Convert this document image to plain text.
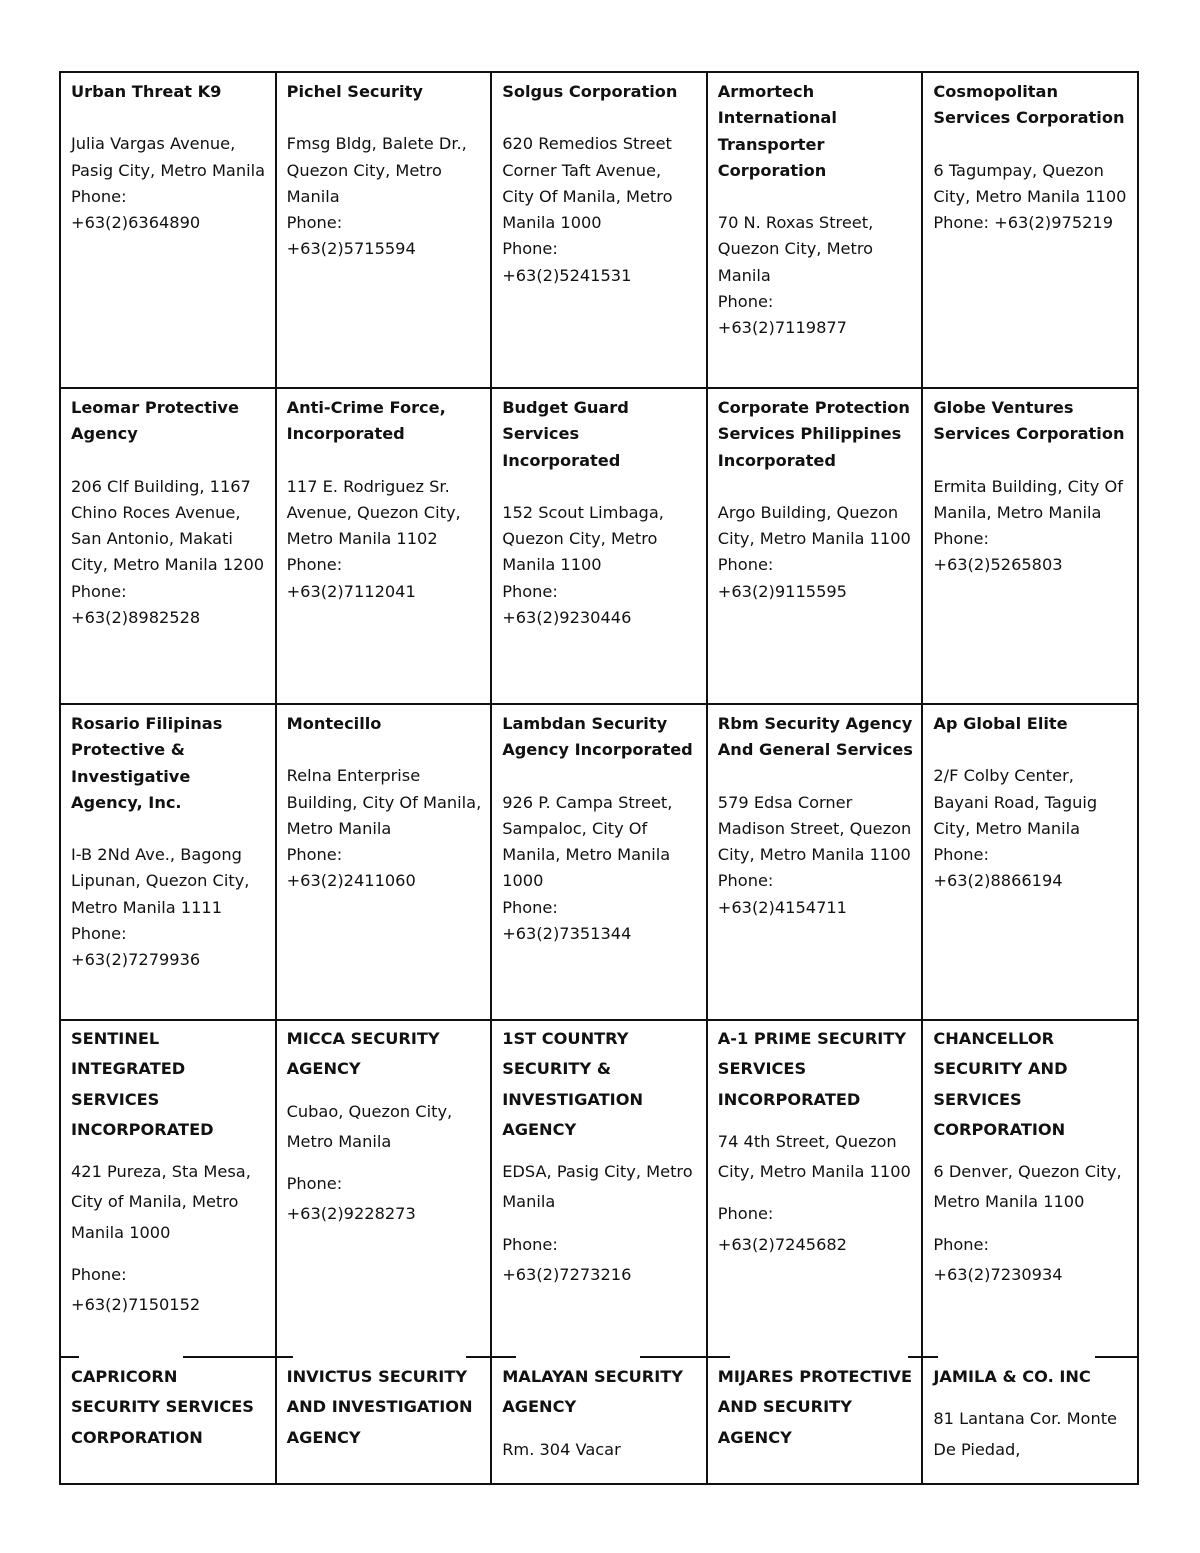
Urban Threat K9
Julia Vargas Avenue, Pasig City, Metro Manila
Phone:
+63(2)6364890
Pichel Security
Fmsg Bldg, Balete Dr., Quezon City, Metro Manila
Phone:
+63(2)5715594
Solgus Corporation
620 Remedios Street Corner Taft Avenue, City Of Manila, Metro Manila 1000
Phone:
+63(2)5241531
Armortech International Transporter Corporation
70 N. Roxas Street, Quezon City, Metro Manila
Phone:
+63(2)7119877
Cosmopolitan Services Corporation
6 Tagumpay, Quezon City, Metro Manila 1100
Phone: +63(2)975219
Leomar Protective Agency
206 Clf Building, 1167 Chino Roces Avenue, San Antonio, Makati City, Metro Manila 1200
Phone:
+63(2)8982528
Anti-Crime Force, Incorporated
117 E. Rodriguez Sr. Avenue, Quezon City, Metro Manila 1102
Phone:
+63(2)7112041
Budget Guard Services Incorporated
152 Scout Limbaga, Quezon City, Metro Manila 1100
Phone:
+63(2)9230446
Corporate Protection Services Philippines Incorporated
Argo Building, Quezon City, Metro Manila 1100
Phone:
+63(2)9115595
Globe Ventures Services Corporation
Ermita Building, City Of Manila, Metro Manila
Phone:
+63(2)5265803
Rosario Filipinas Protective & Investigative Agency, Inc.
I-B 2Nd Ave., Bagong Lipunan, Quezon City, Metro Manila 1111
Phone:
+63(2)7279936
Montecillo
Relna Enterprise Building, City Of Manila, Metro Manila
Phone:
+63(2)2411060
Lambdan Security Agency Incorporated
926 P. Campa Street, Sampaloc, City Of Manila, Metro Manila 1000
Phone:
+63(2)7351344
Rbm Security Agency And General Services
579 Edsa Corner Madison Street, Quezon City, Metro Manila 1100
Phone:
+63(2)4154711
Ap Global Elite
2/F Colby Center, Bayani Road, Taguig City, Metro Manila
Phone:
+63(2)8866194
SENTINEL INTEGRATED SERVICES INCORPORATED
421 Pureza, Sta Mesa, City of Manila, Metro Manila 1000
Phone:
+63(2)7150152
MICCA SECURITY AGENCY
Cubao, Quezon City, Metro Manila
Phone:
+63(2)9228273
1ST COUNTRY SECURITY & INVESTIGATION AGENCY
EDSA, Pasig City, Metro Manila
Phone:
+63(2)7273216
A-1 PRIME SECURITY SERVICES INCORPORATED
74 4th Street, Quezon City, Metro Manila 1100
Phone:
+63(2)7245682
CHANCELLOR SECURITY AND SERVICES CORPORATION
6 Denver, Quezon City, Metro Manila 1100
Phone:
+63(2)7230934
CAPRICORN SECURITY SERVICES CORPORATION
INVICTUS SECURITY AND INVESTIGATION AGENCY
MALAYAN SECURITY AGENCY
Rm. 304 Vacar
MIJARES PROTECTIVE AND SECURITY AGENCY
JAMILA & CO. INC
81 Lantana Cor. Monte De Piedad,
